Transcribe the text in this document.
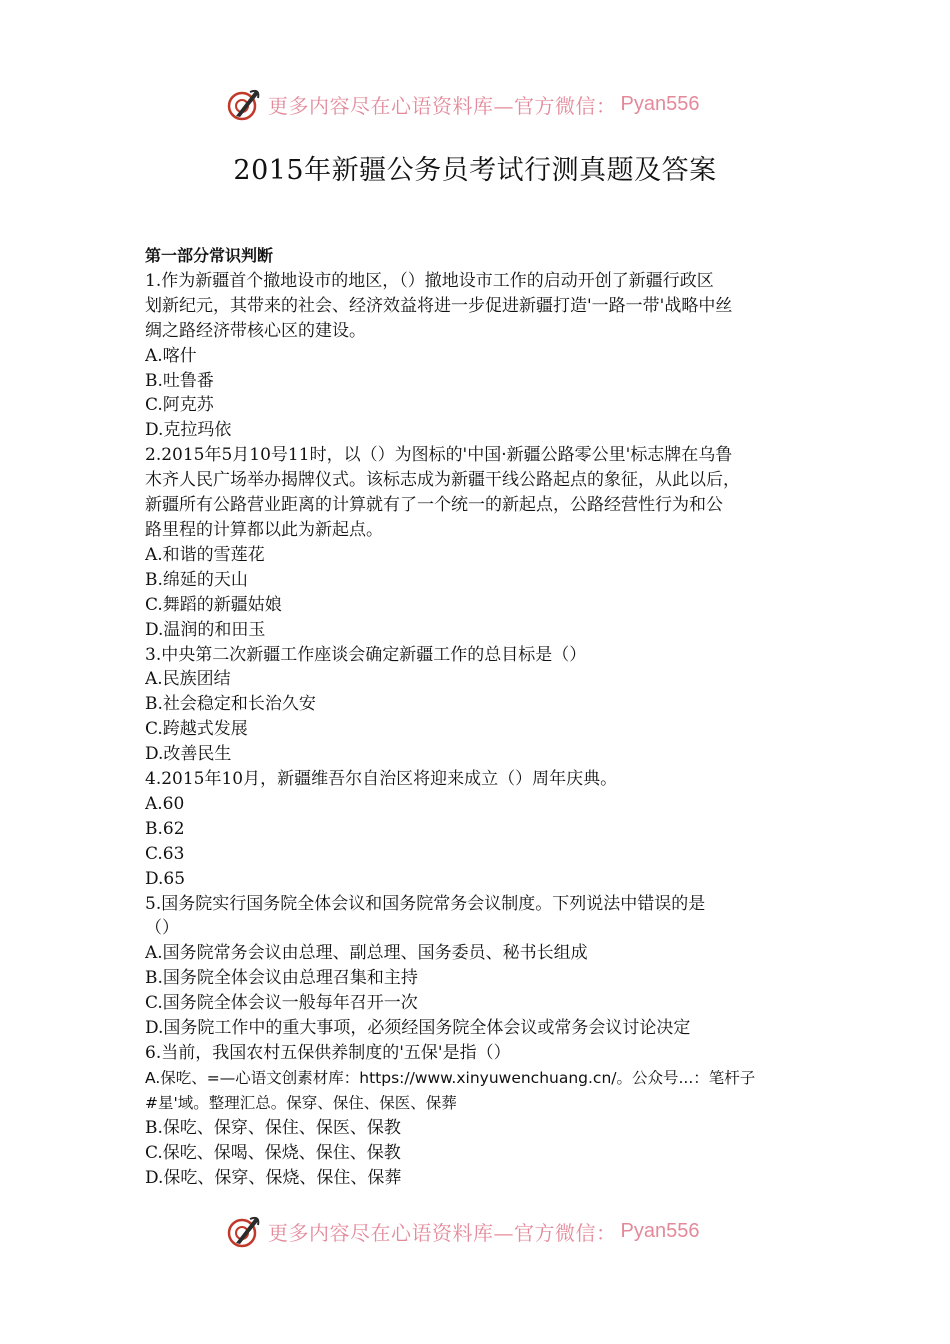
更多内容尽在心语资料库—官方微信： Pyan556
2015年新疆公务员考试行测真题及答案
第一部分常识判断
1.作为新疆首个撤地设市的地区，（）撤地设市工作的启动开创了新疆行政区
划新纪元，其带来的社会、经济效益将进一步促进新疆打造'一路一带'战略中丝
绸之路经济带核心区的建设。
A.喀什
B.吐鲁番
C.阿克苏
D.克拉玛依
2.2015年5月10号11时，以（）为图标的'中国·新疆公路零公里'标志牌在乌鲁
木齐人民广场举办揭牌仪式。该标志成为新疆干线公路起点的象征，从此以后，
新疆所有公路营业距离的计算就有了一个统一的新起点，公路经营性行为和公
路里程的计算都以此为新起点。
A.和谐的雪莲花
B.绵延的天山
C.舞蹈的新疆姑娘
D.温润的和田玉
3.中央第二次新疆工作座谈会确定新疆工作的总目标是（）
A.民族团结
B.社会稳定和长治久安
C.跨越式发展
D.改善民生
4.2015年10月，新疆维吾尔自治区将迎来成立（）周年庆典。
A.60
B.62
C.63
D.65
5.国务院实行国务院全体会议和国务院常务会议制度。下列说法中错误的是
（）
A.国务院常务会议由总理、副总理、国务委员、秘书长组成
B.国务院全体会议由总理召集和主持
C.国务院全体会议一般每年召开一次
D.国务院工作中的重大事项，必须经国务院全体会议或常务会议讨论决定
6.当前，我国农村五保供养制度的'五保'是指（）
A.保吃、=—心语文创素材库：https://www.xinyuwenchuang.cn/。公众号...：笔杆子
#星'域。整理汇总。保穿、保住、保医、保葬
B.保吃、保穿、保住、保医、保教
C.保吃、保喝、保烧、保住、保教
D.保吃、保穿、保烧、保住、保葬
更多内容尽在心语资料库—官方微信： Pyan556
